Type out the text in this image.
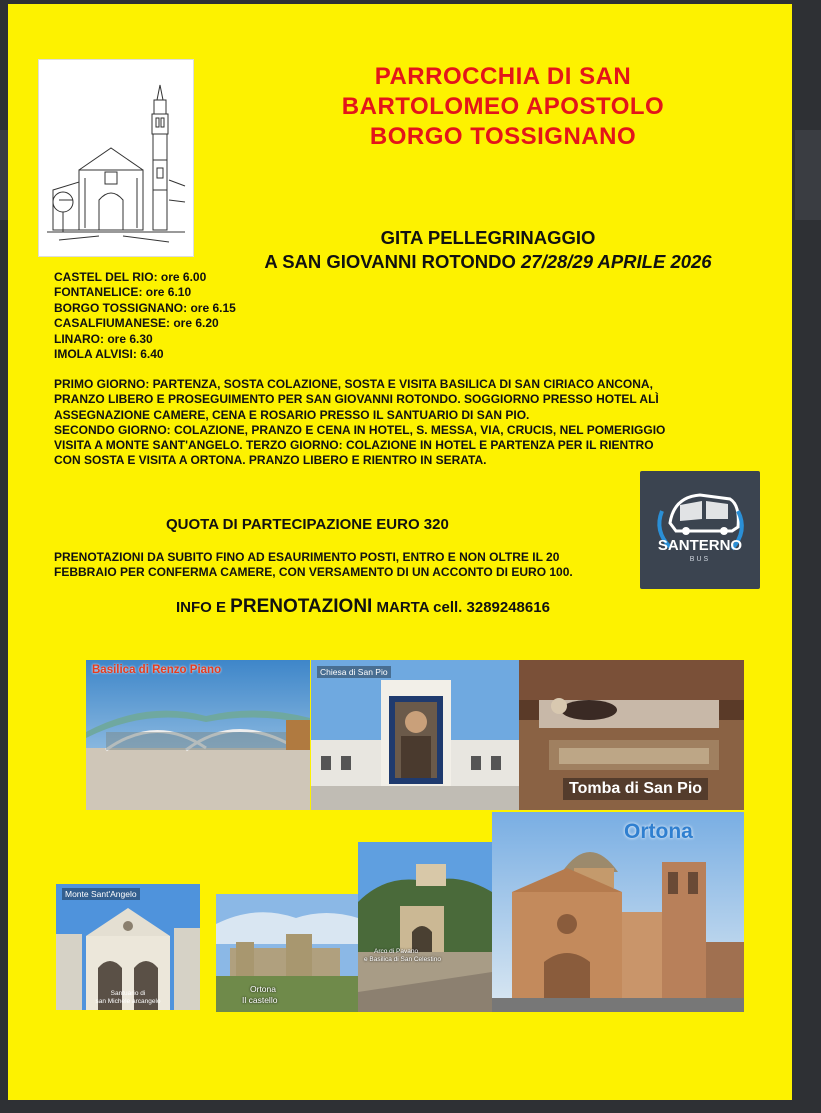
PARROCCHIA DI SAN
BARTOLOMEO APOSTOLO
BORGO TOSSIGNANO
GITA PELLEGRINAGGIO
A SAN GIOVANNI ROTONDO 27/28/29 APRILE 2026
CASTEL DEL RIO: ore 6.00
FONTANELICE: ore 6.10
BORGO TOSSIGNANO: ore 6.15
CASALFIUMANESE: ore 6.20
LINARO: ore 6.30
IMOLA ALVISI: 6.40
PRIMO GIORNO: PARTENZA, SOSTA COLAZIONE, SOSTA E VISITA BASILICA DI SAN CIRIACO ANCONA,
PRANZO LIBERO E PROSEGUIMENTO PER SAN GIOVANNI ROTONDO. SOGGIORNO PRESSO HOTEL ALÌ
ASSEGNAZIONE CAMERE, CENA E ROSARIO PRESSO IL SANTUARIO DI SAN PIO.
SECONDO GIORNO: COLAZIONE, PRANZO E CENA IN HOTEL, S. MESSA, VIA, CRUCIS, NEL POMERIGGIO
VISITA A MONTE SANT'ANGELO. TERZO GIORNO: COLAZIONE IN HOTEL E PARTENZA PER IL RIENTRO
CON SOSTA E VISITA A ORTONA. PRANZO LIBERO E RIENTRO IN SERATA.
QUOTA DI PARTECIPAZIONE EURO 320
PRENOTAZIONI DA SUBITO FINO AD ESAURIMENTO POSTI, ENTRO E NON OLTRE IL 20
FEBBRAIO PER CONFERMA CAMERE, CON VERSAMENTO DI UN ACCONTO DI EURO 100.
INFO E PRENOTAZIONI MARTA cell. 3289248616
SANTERNO
BUS
Basilica di Renzo Piano	Chiesa di San Pio
Tomba di San Pio
Ortona
Monte Sant'Angelo
Santuario di
san Michele arcangelo
Ortona
Il castello
Arco di Pavano
e Basilica di San Celestino
